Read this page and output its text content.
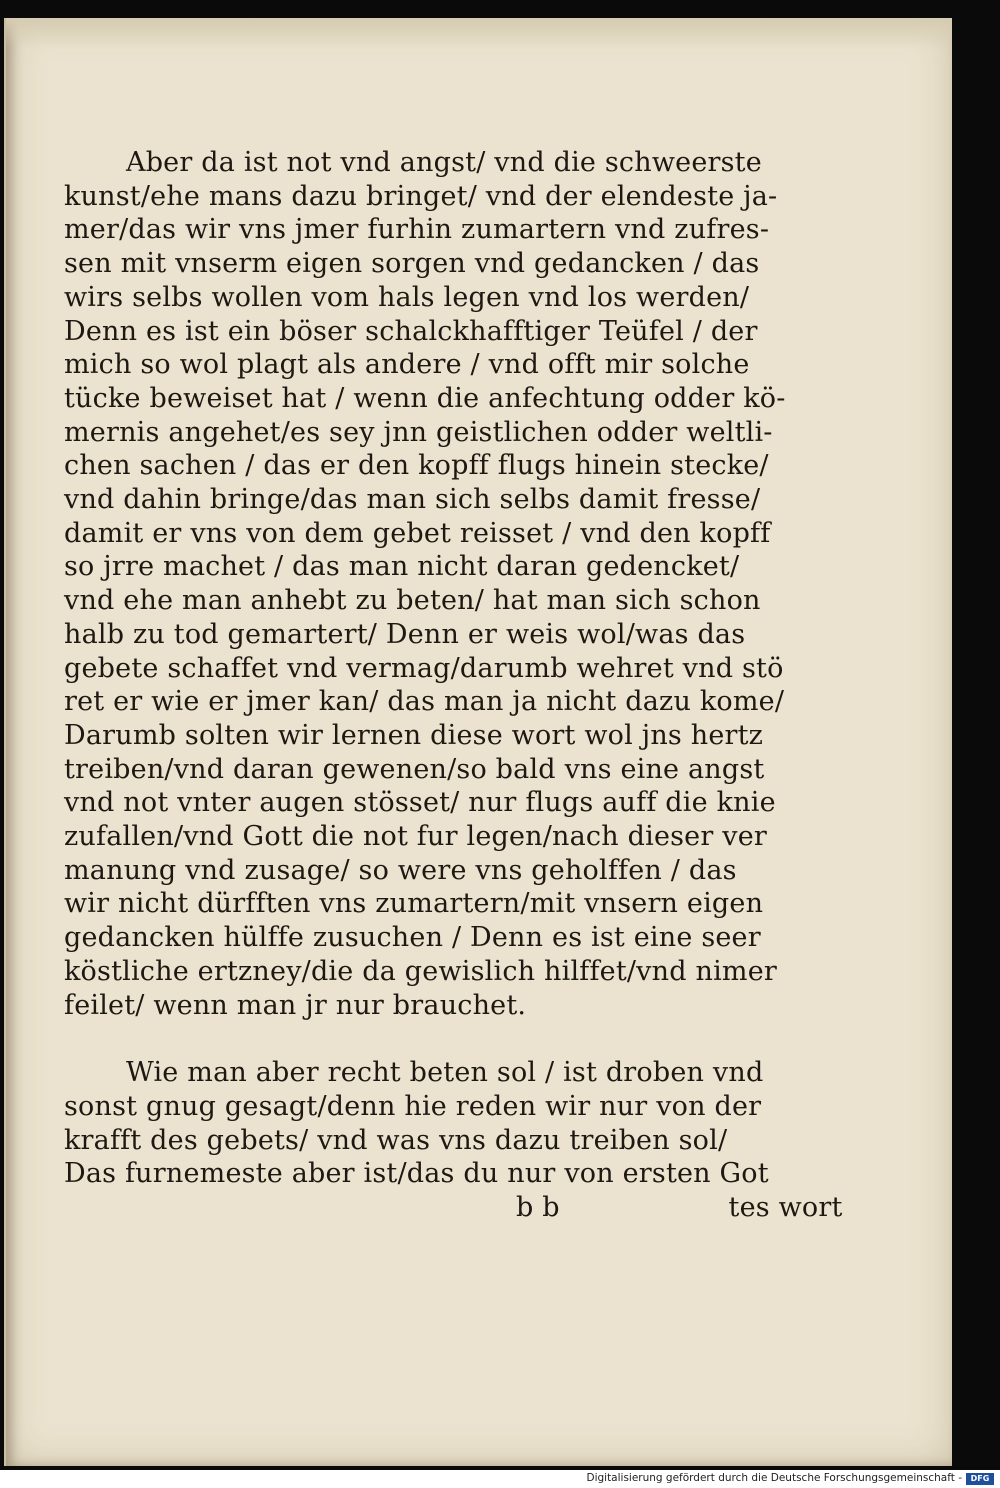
Aber da ist not vnd angst/ vnd die schweerste
kunst/ehe mans dazu bringet/ vnd der elendeste ja-
mer/das wir vns jmer furhin zumartern vnd zufres-
sen mit vnserm eigen sorgen vnd gedancken / das
wirs selbs wollen vom hals legen vnd los werden/
Denn es ist ein böser schalckhafftiger Teüfel / der
mich so wol plagt als andere / vnd offt mir solche
tücke beweiset hat / wenn die anfechtung odder kö-
mernis angehet/es sey jnn geistlichen odder weltli-
chen sachen / das er den kopff flugs hinein stecke/
vnd dahin bringe/das man sich selbs damit fresse/
damit er vns von dem gebet reisset / vnd den kopff
so jrre machet / das man nicht daran gedencket/
vnd ehe man anhebt zu beten/ hat man sich schon
halb zu tod gemartert/ Denn er weis wol/was das
gebete schaffet vnd vermag/darumb wehret vnd stö
ret er wie er jmer kan/ das man ja nicht dazu kome/
Darumb solten wir lernen diese wort wol jns hertz
treiben/vnd daran gewenen/so bald vns eine angst
vnd not vnter augen stösset/ nur flugs auff die knie
zufallen/vnd Gott die not fur legen/nach dieser ver
manung vnd zusage/ so were vns geholffen / das
wir nicht dürfften vns zumartern/mit vnsern eigen
gedancken hülffe zusuchen / Denn es ist eine seer
köstliche ertzney/die da gewislich hilffet/vnd nimer
feilet/ wenn man jr nur brauchet.
Wie man aber recht beten sol / ist droben vnd
sonst gnug gesagt/denn hie reden wir nur von der
krafft des gebets/ vnd was vns dazu treiben sol/
Das furnemeste aber ist/das du nur von ersten Got
b b	tes wort
Digitalisierung gefördert durch die Deutsche Forschungsgemeinschaft -	DFG
